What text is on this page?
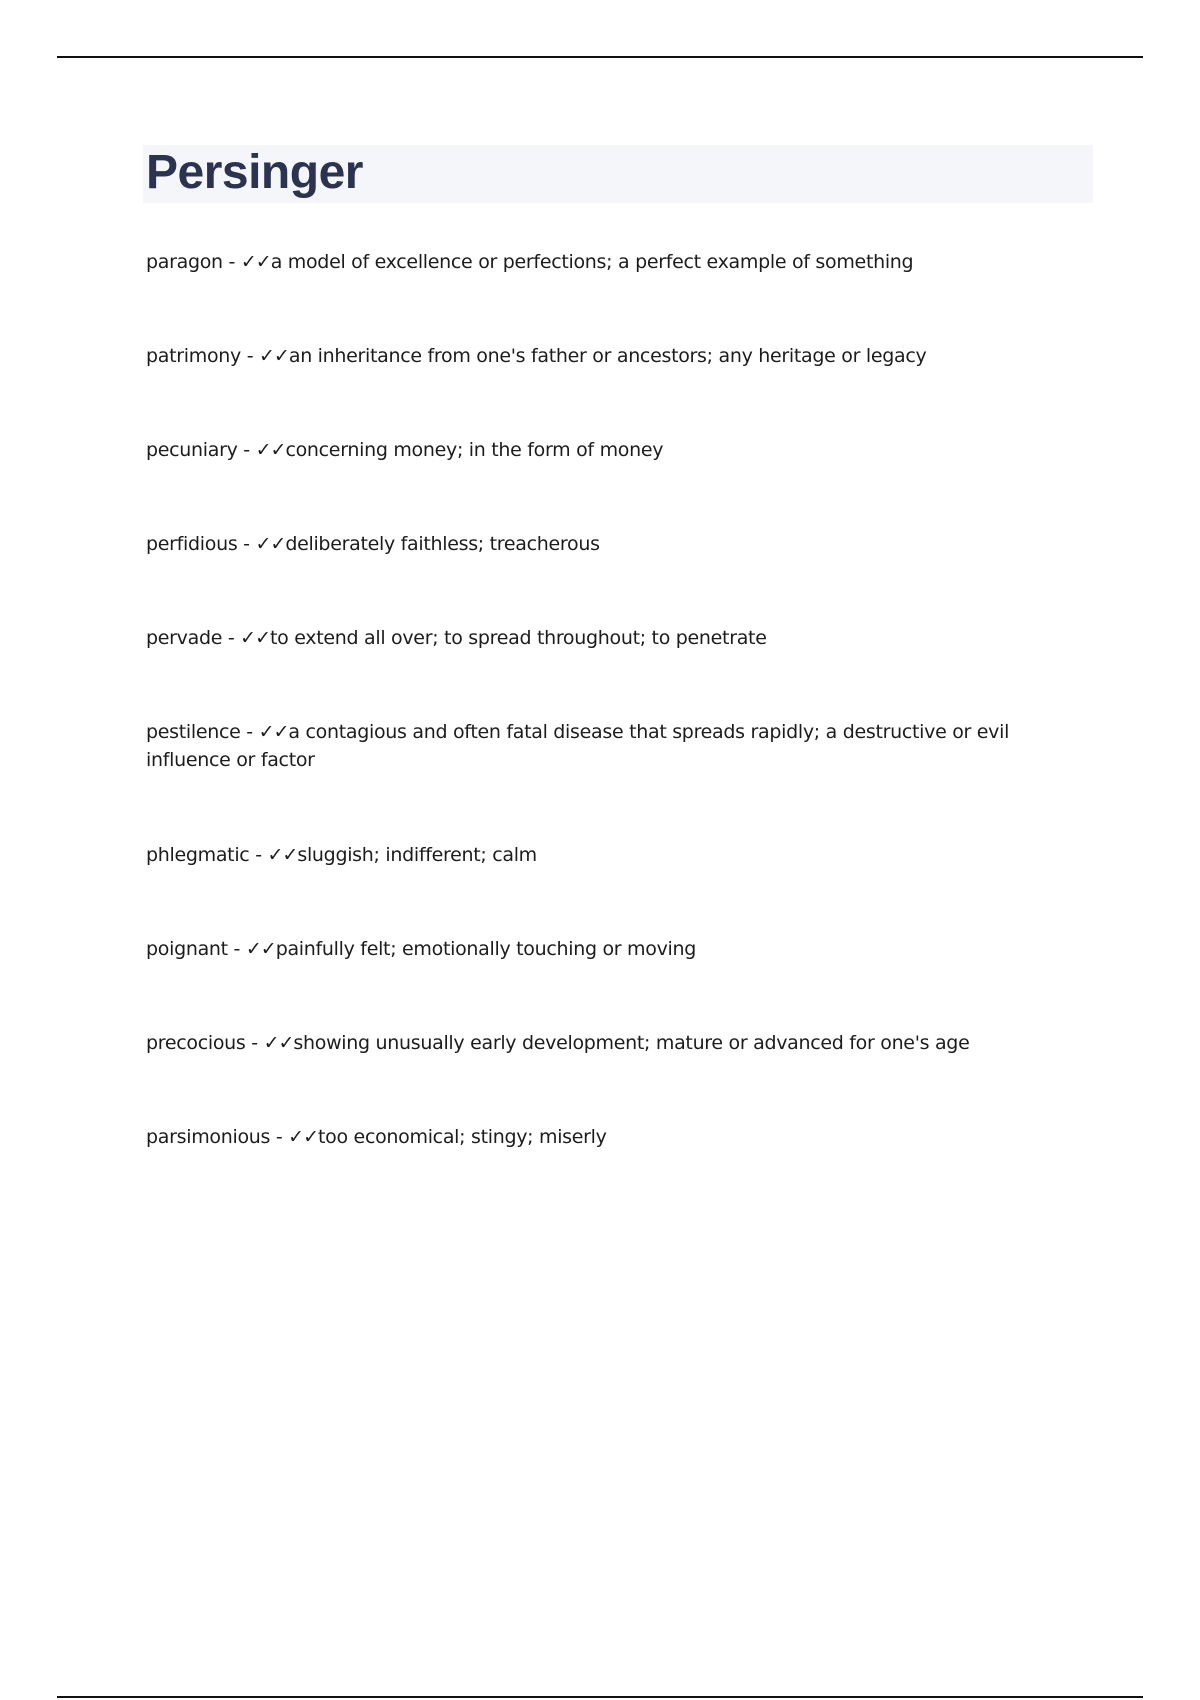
Persinger
paragon - ✓✓a model of excellence or perfections; a perfect example of something
patrimony - ✓✓an inheritance from one's father or ancestors; any heritage or legacy
pecuniary - ✓✓concerning money; in the form of money
perfidious - ✓✓deliberately faithless; treacherous
pervade - ✓✓to extend all over; to spread throughout; to penetrate
pestilence - ✓✓a contagious and often fatal disease that spreads rapidly; a destructive or evil influence or factor
phlegmatic - ✓✓sluggish; indifferent; calm
poignant - ✓✓painfully felt; emotionally touching or moving
precocious - ✓✓showing unusually early development; mature or advanced for one's age
parsimonious - ✓✓too economical; stingy; miserly
